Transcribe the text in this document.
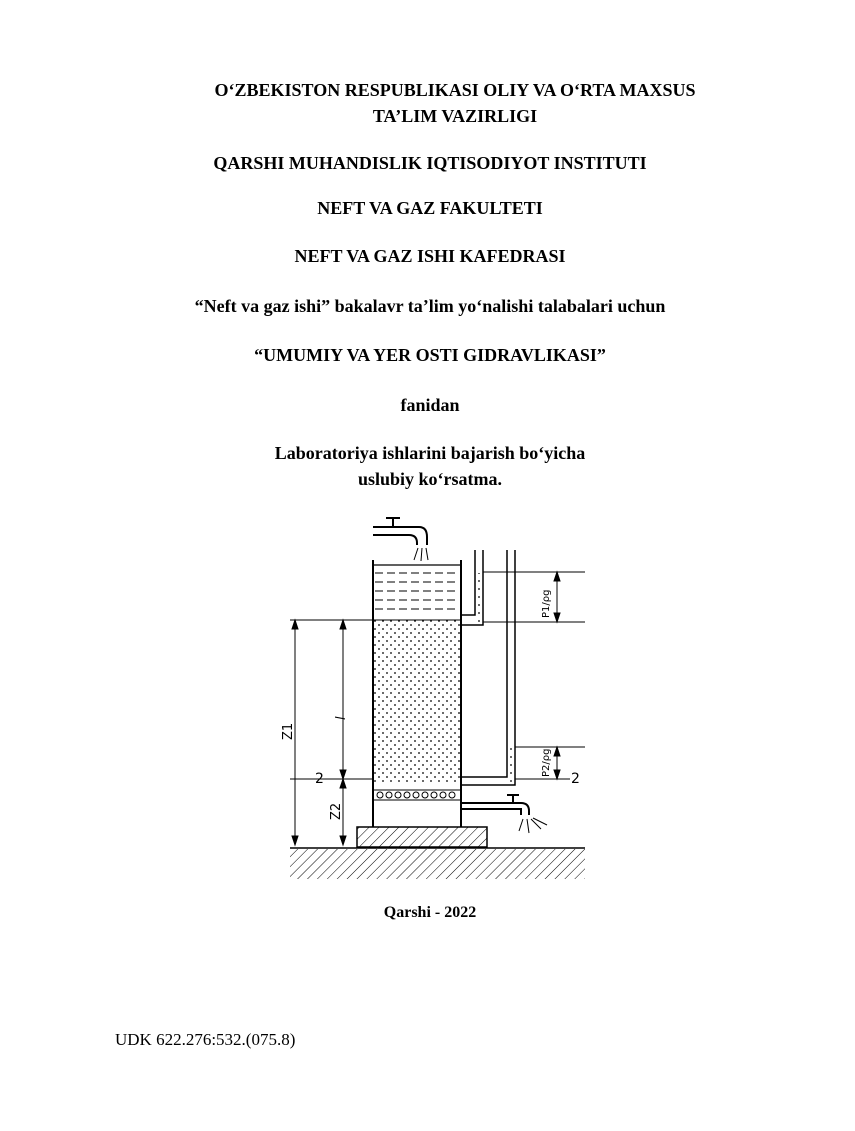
O‘ZBEKISTON RESPUBLIKASI OLIY VA O‘RTA MAXSUS
TA’LIM VAZIRLIGI
QARSHI MUHANDISLIK IQTISODIYOT INSTITUTI
NEFT VA GAZ FAKULTETI
NEFT VA GAZ ISHI KAFEDRASI
“Neft va gaz ishi” bakalavr ta’lim yo‘nalishi talabalari uchun
“UMUMIY VA YER OSTI GIDRAVLIKASI”
fanidan
Laboratoriya ishlarini bajarish bo‘yicha
uslubiy ko‘rsatma.
Z1
Z2
l
2	2
P1/ρg
P2/ρg
Qarshi - 2022
UDK 622.276:532.(075.8)
